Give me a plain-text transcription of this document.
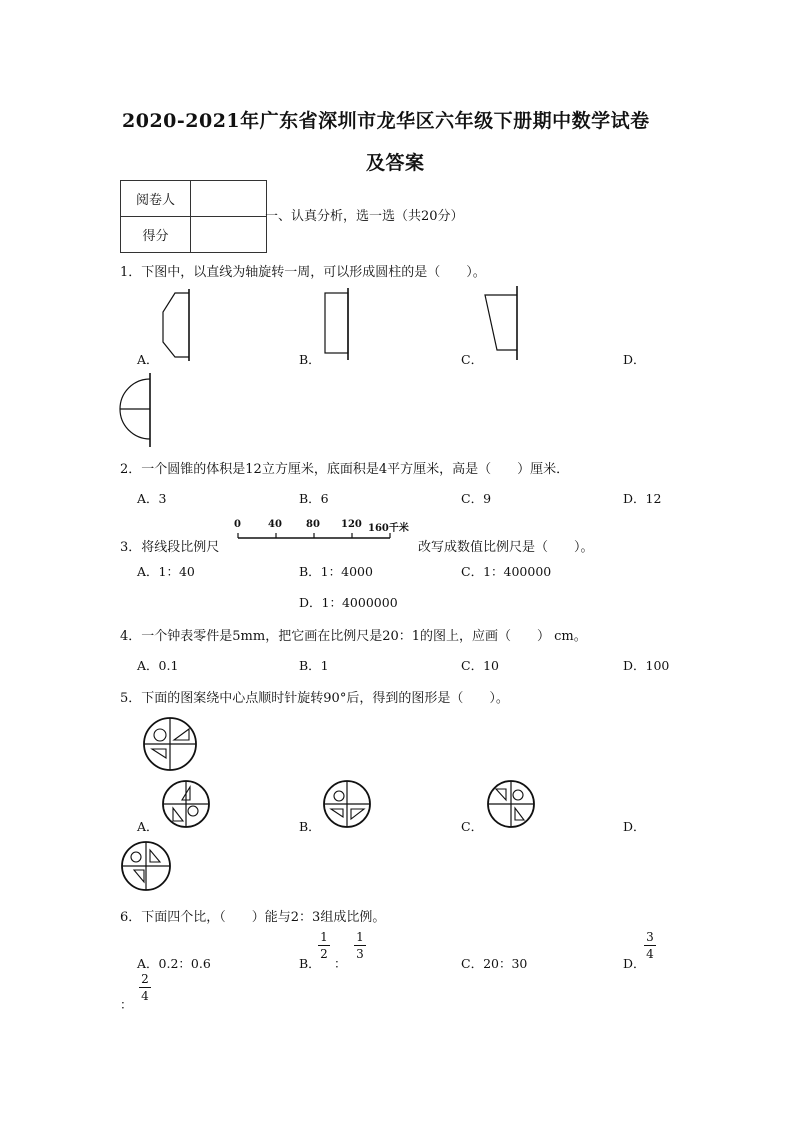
2020-2021年广东省深圳市龙华区六年级下册期中数学试卷
及答案
阅卷人	
得分	
一、认真分析，选一选（共20分）
1．下图中，以直线为轴旋转一周，可以形成圆柱的是（　　）。
A．	B．	C．	D．
2．一个圆锥的体积是12立方厘米，底面积是4平方厘米，高是（　　）厘米．
A．3	B．6	C．9	D．12
3．将线段比例尺
0	40 80 120 160千米
改写成数值比例尺是（　　）。
A．1：40	B．1：4000	C．1：400000
D．1：4000000
4．一个钟表零件是5mm，把它画在比例尺是20：1的图上，应画（　　） cm。
A．0.1	B．1	C．10	D．100
5．下面的图案绕中心点顺时针旋转90°后，得到的图形是（　　）。
A．	B．	C．	D．
6．下面四个比，（　　）能与2：3组成比例。
A．0.2：0.6	B．
1
2
：
1
3
C．20：30	D．
3
4
：
2
4
